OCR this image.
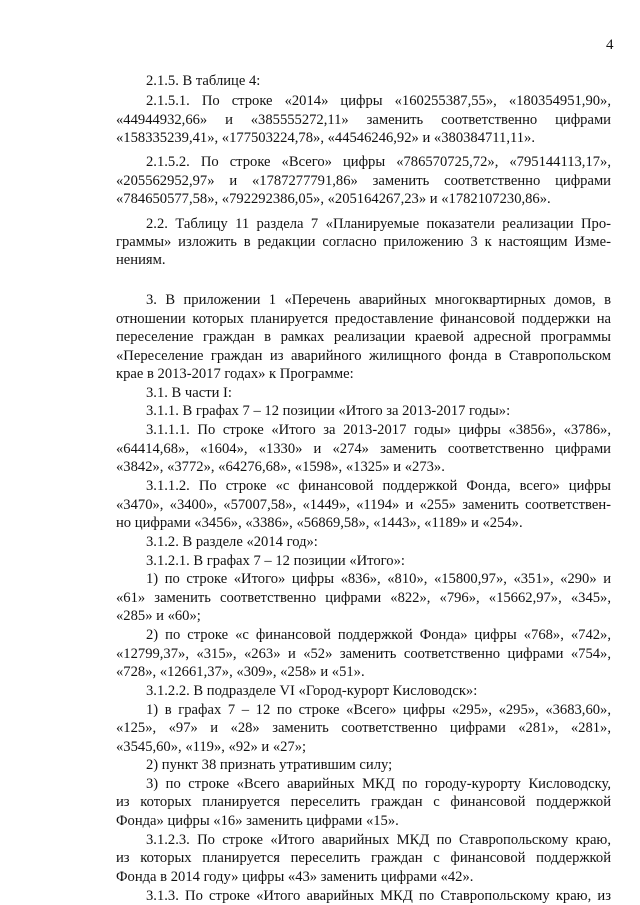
4
2.1.5. В таблице 4:
2.1.5.1. По строке «2014» цифры «160255387,55», «180354951,90»,
«44944932,66» и «385555272,11» заменить соответственно цифрами
«158335239,41», «177503224,78», «44546246,92» и «380384711,11».
2.1.5.2. По строке «Всего» цифры «786570725,72», «795144113,17»,
«205562952,97» и «1787277791,86» заменить соответственно цифрами
«784650577,58», «792292386,05», «205164267,23» и «1782107230,86».
2.2. Таблицу 11 раздела 7 «Планируемые показатели реализации Про-
граммы» изложить в редакции согласно приложению 3 к настоящим Изме-
нениям.
3. В приложении 1 «Перечень аварийных многоквартирных домов, в
отношении которых планируется предоставление финансовой поддержки на
переселение граждан в рамках реализации краевой адресной программы
«Переселение граждан из аварийного жилищного фонда в Ставропольском
крае в 2013-2017 годах» к Программе:
3.1. В части I:
3.1.1. В графах 7 – 12 позиции «Итого за 2013-2017 годы»:
3.1.1.1. По строке «Итого за 2013-2017 годы» цифры «3856», «3786»,
«64414,68», «1604», «1330» и «274» заменить соответственно цифрами
«3842», «3772», «64276,68», «1598», «1325» и «273».
3.1.1.2. По строке «с финансовой поддержкой Фонда, всего» цифры
«3470», «3400», «57007,58», «1449», «1194» и «255» заменить соответствен-
но цифрами «3456», «3386», «56869,58», «1443», «1189» и «254».
3.1.2. В разделе «2014 год»:
3.1.2.1. В графах 7 – 12 позиции «Итого»:
1) по строке «Итого» цифры «836», «810», «15800,97», «351», «290» и
«61» заменить соответственно цифрами «822», «796», «15662,97», «345»,
«285» и «60»;
2) по строке «с финансовой поддержкой Фонда» цифры «768», «742»,
«12799,37», «315», «263» и «52» заменить соответственно цифрами «754»,
«728», «12661,37», «309», «258» и «51».
3.1.2.2. В подразделе VI «Город-курорт Кисловодск»:
1) в графах 7 – 12 по строке «Всего» цифры «295», «295», «3683,60»,
«125», «97» и «28» заменить соответственно цифрами «281», «281»,
«3545,60», «119», «92» и «27»;
2) пункт 38 признать утратившим силу;
3) по строке «Всего аварийных МКД по городу-курорту Кисловодску,
из которых планируется переселить граждан с финансовой поддержкой
Фонда» цифры «16» заменить цифрами «15».
3.1.2.3. По строке «Итого аварийных МКД по Ставропольскому краю,
из которых планируется переселить граждан с финансовой поддержкой
Фонда в 2014 году» цифры «43» заменить цифрами «42».
3.1.3. По строке «Итого аварийных МКД по Ставропольскому краю, из
